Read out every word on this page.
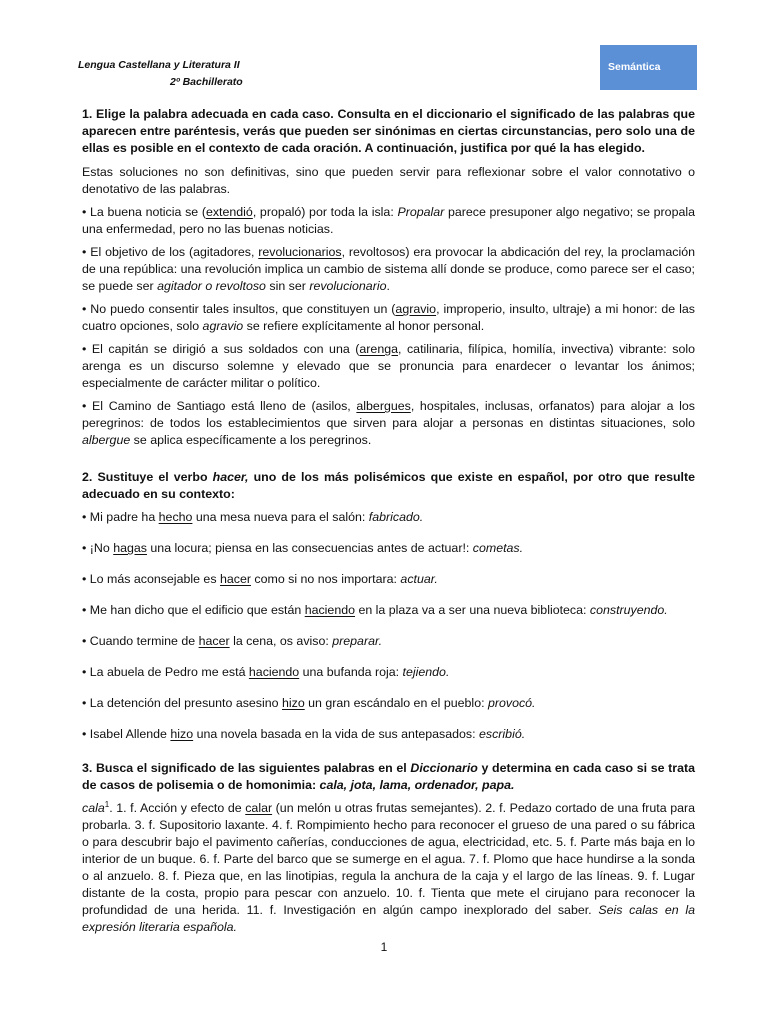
Lengua Castellana y Literatura II
2º Bachillerato
Semántica

1. Elige la palabra adecuada en cada caso. Consulta en el diccionario el significado de las palabras que aparecen entre paréntesis, verás que pueden ser sinónimas en ciertas circunstancias, pero solo una de ellas es posible en el contexto de cada oración. A continuación, justifica por qué la has elegido.

Estas soluciones no son definitivas, sino que pueden servir para reflexionar sobre el valor connotativo o denotativo de las palabras.

• La buena noticia se (extendió, propaló) por toda la isla: Propalar parece presuponer algo negativo; se propala una enfermedad, pero no las buenas noticias.

• El objetivo de los (agitadores, revolucionarios, revoltosos) era provocar la abdicación del rey, la proclamación de una república: una revolución implica un cambio de sistema allí donde se produce, como parece ser el caso; se puede ser agitador o revoltoso sin ser revolucionario.

• No puedo consentir tales insultos, que constituyen un (agravio, improperio, insulto, ultraje) a mi honor: de las cuatro opciones, solo agravio se refiere explícitamente al honor personal.

• El capitán se dirigió a sus soldados con una (arenga, catilinaria, filípica, homilía, invectiva) vibrante: solo arenga es un discurso solemne y elevado que se pronuncia para enardecer o levantar los ánimos; especialmente de carácter militar o político.

• El Camino de Santiago está lleno de (asilos, albergues, hospitales, inclusas, orfanatos) para alojar a los peregrinos: de todos los establecimientos que sirven para alojar a personas en distintas situaciones, solo albergue se aplica específicamente a los peregrinos.

2. Sustituye el verbo hacer, uno de los más polisémicos que existe en español, por otro que resulte adecuado en su contexto:

• Mi padre ha hecho una mesa nueva para el salón: fabricado.

• ¡No hagas una locura; piensa en las consecuencias antes de actuar!: cometas.

• Lo más aconsejable es hacer como si no nos importara: actuar.

• Me han dicho que el edificio que están haciendo en la plaza va a ser una nueva biblioteca: construyendo.

• Cuando termine de hacer la cena, os aviso: preparar.

• La abuela de Pedro me está haciendo una bufanda roja: tejiendo.

• La detención del presunto asesino hizo un gran escándalo en el pueblo: provocó.

• Isabel Allende hizo una novela basada en la vida de sus antepasados: escribió.

3. Busca el significado de las siguientes palabras en el Diccionario y determina en cada caso si se trata de casos de polisemia o de homonimia: cala, jota, lama, ordenador, papa.

cala$^1$. 1. f. Acción y efecto de calar (un melón u otras frutas semejantes). 2. f. Pedazo cortado de una fruta para probarla. 3. f. Supositorio laxante. 4. f. Rompimiento hecho para reconocer el grueso de una pared o su fábrica o para descubrir bajo el pavimento cañerías, conducciones de agua, electricidad, etc. 5. f. Parte más baja en lo interior de un buque. 6. f. Parte del barco que se sumerge en el agua. 7. f. Plomo que hace hundirse a la sonda o al anzuelo. 8. f. Pieza que, en las linotipias, regula la anchura de la caja y el largo de las líneas. 9. f. Lugar distante de la costa, propio para pescar con anzuelo. 10. f. Tienta que mete el cirujano para reconocer la profundidad de una herida. 11. f. Investigación en algún campo inexplorado del saber. Seis calas en la expresión literaria española.

1
